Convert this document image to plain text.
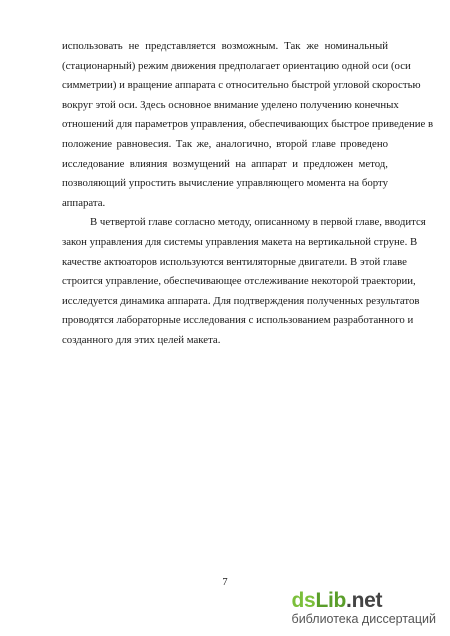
использовать не представляется возможным. Так же номинальный
(стационарный) режим движения предполагает ориентацию одной оси (оси
симметрии) и вращение аппарата с относительно быстрой угловой скоростью
вокруг этой оси. Здесь основное внимание уделено получению конечных
отношений для параметров управления, обеспечивающих быстрое приведение в
положение равновесия. Так же, аналогично, второй главе проведено
исследование влияния возмущений на аппарат и предложен метод,
позволяющий упростить вычисление управляющего момента на борту
аппарата.
В четвертой главе согласно методу, описанному в первой главе, вводится
закон управления для системы управления макета на вертикальной струне. В
качестве актюаторов используются вентиляторные двигатели. В этой главе
строится управление, обеспечивающее отслеживание некоторой траектории,
исследуется динамика аппарата. Для подтверждения полученных результатов
проводятся лабораторные исследования с использованием разработанного и
созданного для этих целей макета.
7
dsLib.net
библиотека диссертаций
